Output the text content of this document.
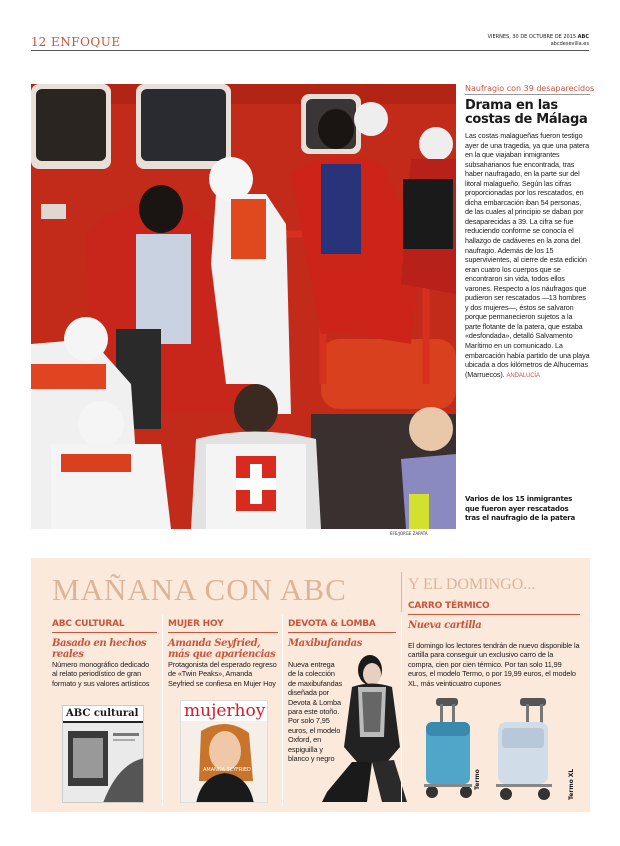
12 ENFOQUE	VIERNES, 30 DE OCTUBRE DE 2015 ABC
abcdesevilla.es
EFE/JORGE ZAPATA
Naufragio con 39 desaparecidos
Drama en las costas de Málaga
Las costas malagueñas fueron testigo ayer de una tragedia, ya que una patera en la que viajaban inmigrantes subsaharianos fue encontrada, tras haber naufragado, en la parte sur del litoral malagueño. Según las cifras proporcionadas por los rescatados, en dicha embarcación iban 54 personas, de las cuales al principio se daban por desaparecidas a 39. La cifra se fue reduciendo conforme se conocía el hallazgo de cadáveres en la zona del naufragio. Además de los 15 supervivientes, al cierre de esta edición eran cuatro los cuerpos que se encontraron sin vida, todos ellos varones. Respecto a los náufragos que pudieron ser rescatados —13 hombres y dos mujeres—, éstos se salvaron porque permanecieron sujetos a la parte flotante de la patera, que estaba «desfondada», detalló Salvamento Marítimo en un comunicado. La embarcación había partido de una playa ubicada a dos kilómetros de Alhucemas (Marruecos). ANDALUCÍA
Varios de los 15 inmigrantes que fueron ayer rescatados tras el naufragio de la patera
MAÑANA CON ABC	Y EL DOMINGO...
ABC CULTURAL
Basado en hechos reales
Número monográfico dedicado al relato periodístico de gran formato y sus valores artísticos
ABC cultural
MUJER HOY
Amanda Seyfried, más que apariencias
Protagonista del esperado regreso de «Twin Peaks», Amanda Seyfried se confiesa en Mujer Hoy
mujerhoy
AMANDA SEYFRIED
DEVOTA & LOMBA
Maxibufandas
Nueva entrega de la colección de maxibufandas diseñada por Devota & Lomba para este otoño. Por solo 7,95 euros, el modelo Oxford, en espiguilla y blanco y negro
CARRO TÉRMICO
Nueva cartilla
El domingo los lectores tendrán de nuevo disponible la cartilla para conseguir un exclusivo carro de la compra, cien por cien térmico. Por tan solo 11,99 euros, el modelo Termo, o por 19,99 euros, el modelo XL, más veinticuatro cupones
Termo	Termo XL
